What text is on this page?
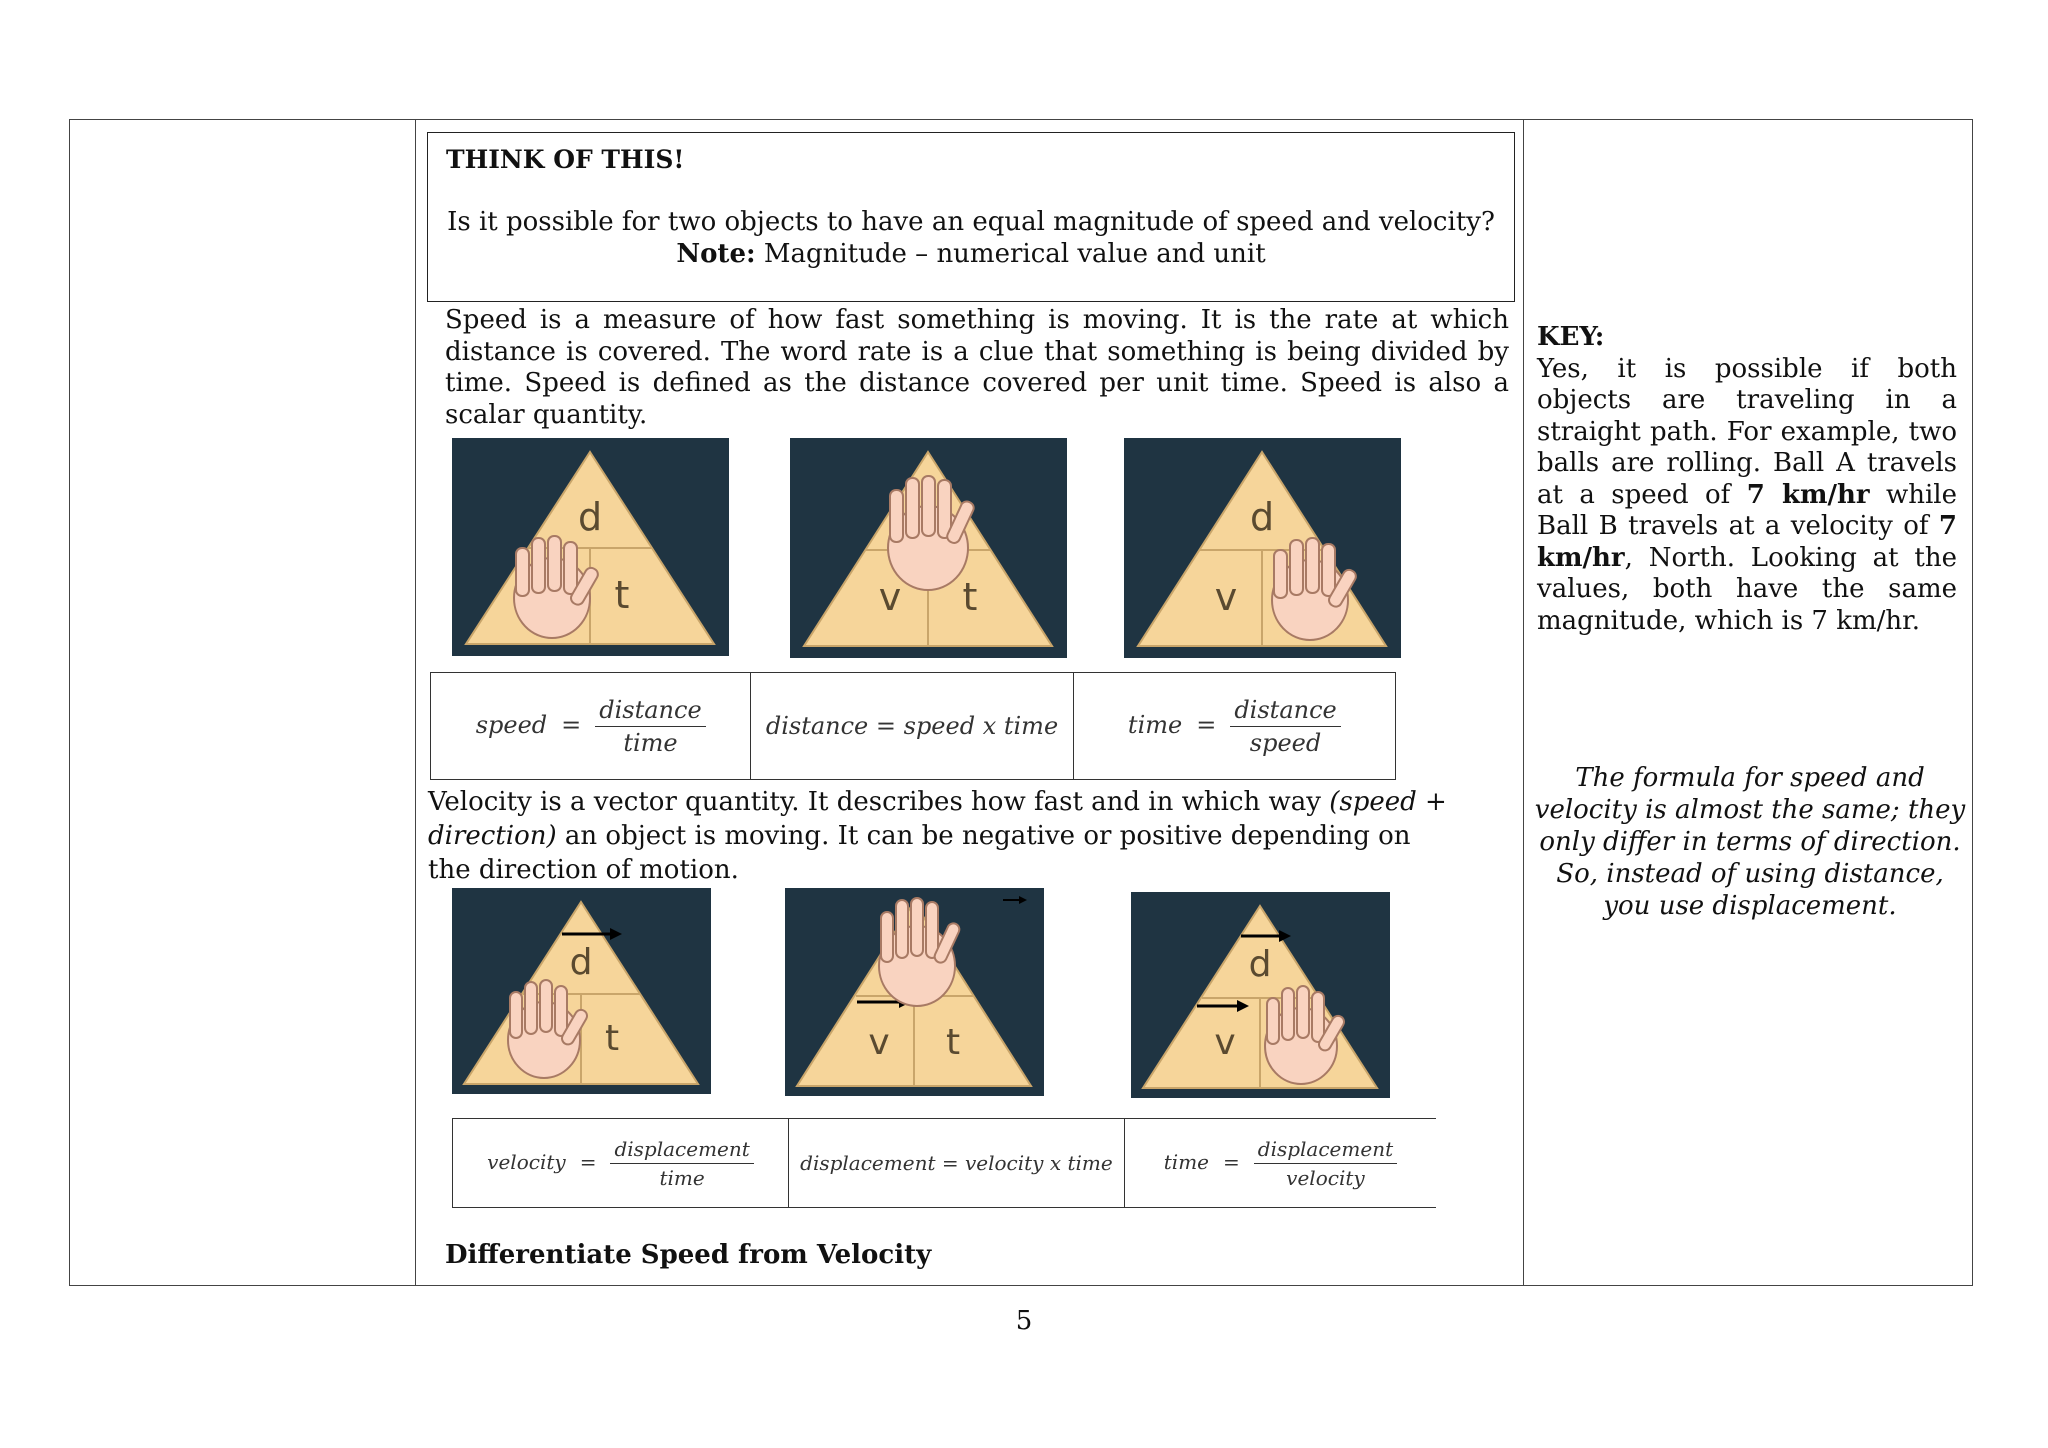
THINK OF THIS!
Is it possible for two objects to have an equal magnitude of speed and velocity?
Note: Magnitude – numerical value and unit
Speed is a measure of how fast something is moving. It is the rate at which distance is covered. The word rate is a clue that something is being divided by time. Speed is defined as the distance covered per unit time. Speed is also a scalar quantity.
d
t	v t
d
v
speed = $\frac{\text{distance}}{\text{time}}$	distance = speed x time	time = $\frac{\text{distance}}{\text{speed}}$
Velocity is a vector quantity. It describes how fast and in which way (speed + direction) an object is moving. It can be negative or positive depending on the direction of motion.
d
t	v t
d
v
velocity = $\frac{\text{displacement}}{\text{time}}$	displacement = velocity x time	time = $\frac{\text{displacement}}{\text{velocity}}$
Differentiate Speed from Velocity
KEY:
Yes, it is possible if both objects are traveling in a straight path. For example, two balls are rolling. Ball A travels at a speed of 7 km/hr while Ball B travels at a velocity of 7 km/hr, North. Looking at the values, both have the same magnitude, which is 7 km/hr.
The formula for speed and velocity is almost the same; they only differ in terms of direction. So, instead of using distance, you use displacement.
5
